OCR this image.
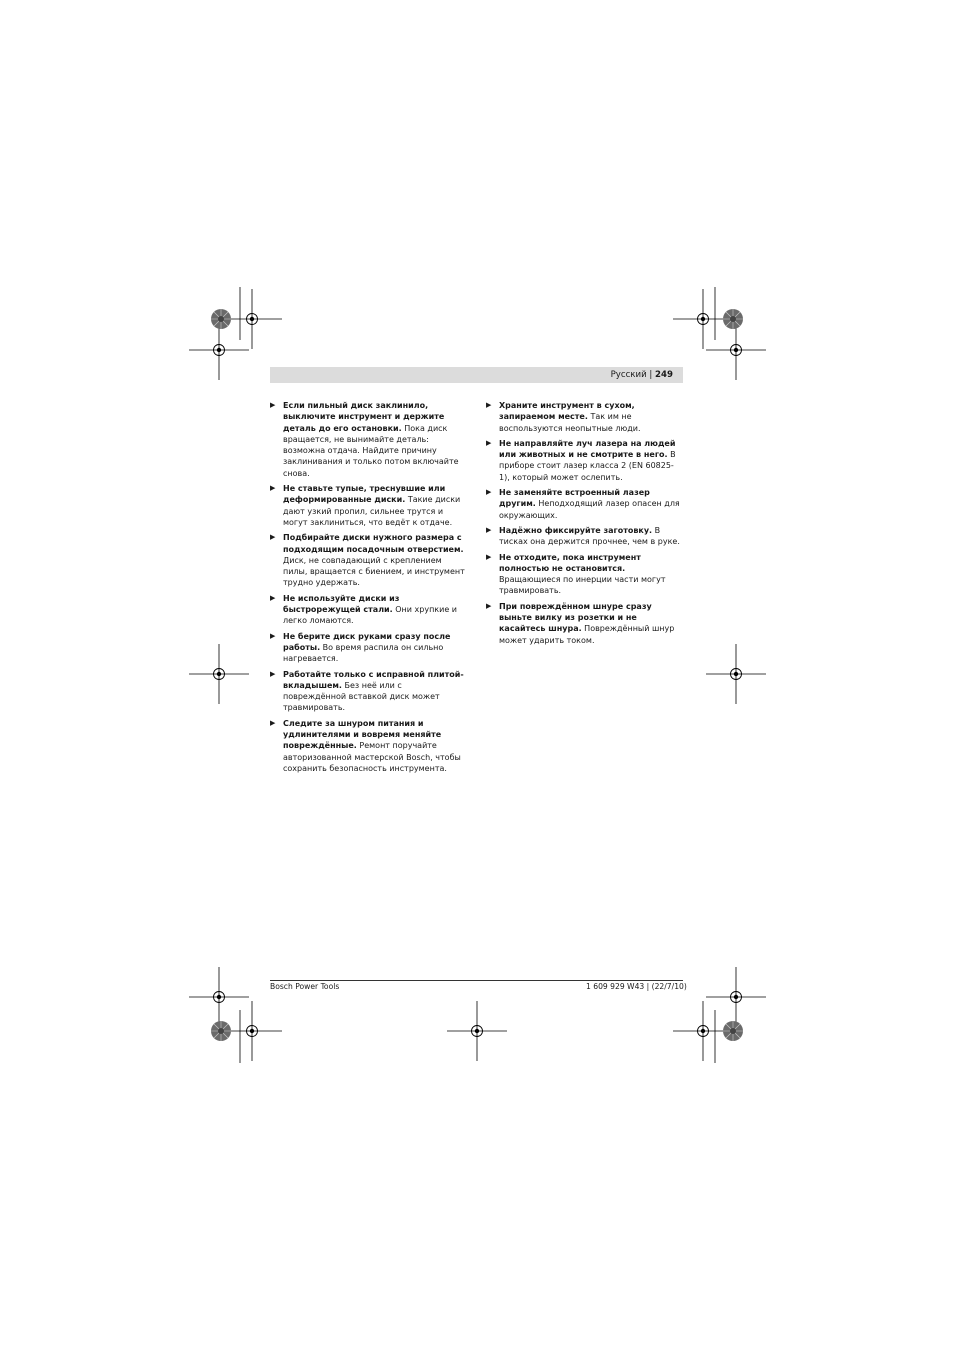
Русский | 249
▶ Если пильный диск заклинило, выключите инструмент и держите деталь до его остановки. Пока диск вращается, не вынимайте деталь: возможна отдача. Найдите причину заклинивания и только потом включайте снова.
▶ Не ставьте тупые, треснувшие или деформированные диски. Такие диски дают узкий пропил, сильнее трутся и могут заклиниться, что ведёт к отдаче.
▶ Подбирайте диски нужного размера с подходящим посадочным отверстием. Диск, не совпадающий с креплением пилы, вращается с биением, и инструмент трудно удержать.
▶ Не используйте диски из быстрорежущей стали. Они хрупкие и легко ломаются.
▶ Не берите диск руками сразу после работы. Во время распила он сильно нагревается.
▶ Работайте только с исправной плитой-вкладышем. Без неё или с повреждённой вставкой диск может травмировать.
▶ Следите за шнуром питания и удлинителями и вовремя меняйте повреждённые. Ремонт поручайте авторизованной мастерской Bosch, чтобы сохранить безопасность инструмента.
▶ Храните инструмент в сухом, запираемом месте. Так им не воспользуются неопытные люди.
▶ Не направляйте луч лазера на людей или животных и не смотрите в него. В приборе стоит лазер класса 2 (EN 60825-1), который может ослепить.
▶ Не заменяйте встроенный лазер другим. Неподходящий лазер опасен для окружающих.
▶ Надёжно фиксируйте заготовку. В тисках она держится прочнее, чем в руке.
▶ Не отходите, пока инструмент полностью не остановится. Вращающиеся по инерции части могут травмировать.
▶ При повреждённом шнуре сразу выньте вилку из розетки и не касайтесь шнура. Повреждённый шнур может ударить током.
Bosch Power Tools	1 609 929 W43 | (22/7/10)
